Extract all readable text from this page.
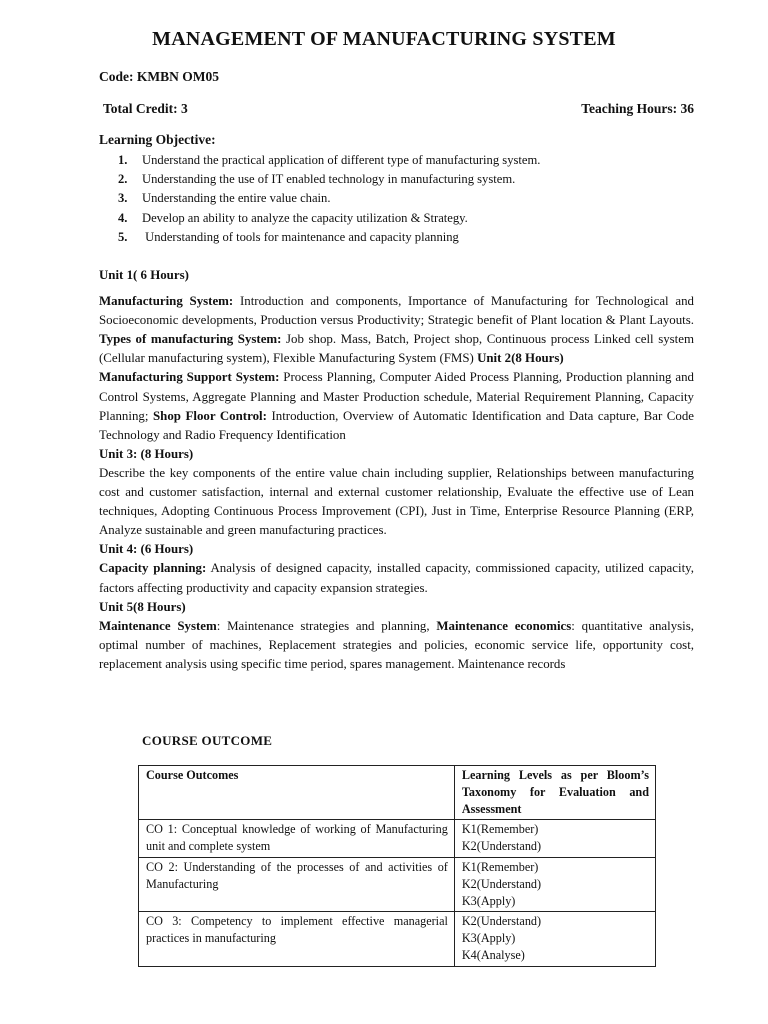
MANAGEMENT OF MANUFACTURING SYSTEM
Code: KMBN OM05
Total Credit: 3	Teaching Hours: 36
Learning Objective:
1.	Understand the practical application of different type of manufacturing system.
2.	Understanding the use of IT enabled technology in manufacturing system.
3.	Understanding the entire value chain.
4.	Develop an ability to analyze the capacity utilization & Strategy.
5.	Understanding of tools for maintenance and capacity planning
Unit 1( 6 Hours)
Manufacturing System: Introduction and components, Importance of Manufacturing for Technological and Socioeconomic developments, Production versus Productivity; Strategic benefit of Plant location & Plant Layouts. Types of manufacturing System: Job shop. Mass, Batch, Project shop, Continuous process Linked cell system (Cellular manufacturing system), Flexible Manufacturing System (FMS) Unit 2(8 Hours)
Manufacturing Support System: Process Planning, Computer Aided Process Planning, Production planning and Control Systems, Aggregate Planning and Master Production schedule, Material Requirement Planning, Capacity Planning; Shop Floor Control: Introduction, Overview of Automatic Identification and Data capture, Bar Code Technology and Radio Frequency Identification
Unit 3: (8 Hours)
Describe the key components of the entire value chain including supplier, Relationships between manufacturing cost and customer satisfaction, internal and external customer relationship, Evaluate the effective use of Lean techniques, Adopting Continuous Process Improvement (CPI), Just in Time, Enterprise Resource Planning (ERP, Analyze sustainable and green manufacturing practices.
Unit 4: (6 Hours)
Capacity planning: Analysis of designed capacity, installed capacity, commissioned capacity, utilized capacity, factors affecting productivity and capacity expansion strategies.
Unit 5(8 Hours)
Maintenance System: Maintenance strategies and planning, Maintenance economics: quantitative analysis, optimal number of machines, Replacement strategies and policies, economic service life, opportunity cost, replacement analysis using specific time period, spares management. Maintenance records
COURSE OUTCOME
Course Outcomes	Learning Levels as per Bloom’s Taxonomy for Evaluation and Assessment
CO 1: Conceptual knowledge of working of Manufacturing unit and complete system	K1(Remember)
K2(Understand)

CO 2: Understanding of the processes of and activities of Manufacturing	K1(Remember)
K2(Understand)
K3(Apply)

CO 3: Competency to implement effective managerial practices in manufacturing	K2(Understand)
K3(Apply)
K4(Analyse)
